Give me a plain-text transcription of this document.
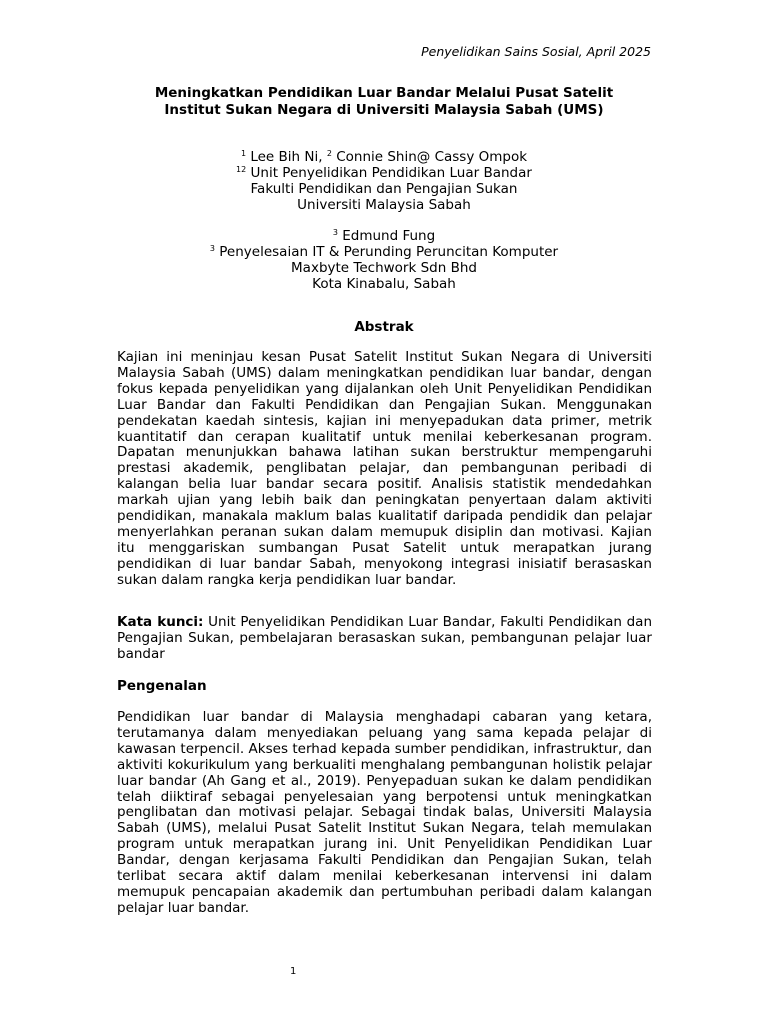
Penyelidikan Sains Sosial, April 2025
Meningkatkan Pendidikan Luar Bandar Melalui Pusat Satelit
Institut Sukan Negara di Universiti Malaysia Sabah (UMS)
$^1$ Lee Bih Ni, $^2$ Connie Shin@ Cassy Ompok
$^{12}$ Unit Penyelidikan Pendidikan Luar Bandar
Fakulti Pendidikan dan Pengajian Sukan
Universiti Malaysia Sabah
$^3$ Edmund Fung
$^3$ Penyelesaian IT & Perunding Peruncitan Komputer
Maxbyte Techwork Sdn Bhd
Kota Kinabalu, Sabah
Abstrak
Kajian ini meninjau kesan Pusat Satelit Institut Sukan Negara di Universiti Malaysia Sabah (UMS) dalam meningkatkan pendidikan luar bandar, dengan fokus kepada penyelidikan yang dijalankan oleh Unit Penyelidikan Pendidikan Luar Bandar dan Fakulti Pendidikan dan Pengajian Sukan. Menggunakan pendekatan kaedah sintesis, kajian ini menyepadukan data primer, metrik kuantitatif dan cerapan kualitatif untuk menilai keberkesanan program. Dapatan menunjukkan bahawa latihan sukan berstruktur mempengaruhi prestasi akademik, penglibatan pelajar, dan pembangunan peribadi di kalangan belia luar bandar secara positif. Analisis statistik mendedahkan markah ujian yang lebih baik dan peningkatan penyertaan dalam aktiviti pendidikan, manakala maklum balas kualitatif daripada pendidik dan pelajar menyerlahkan peranan sukan dalam memupuk disiplin dan motivasi. Kajian itu menggariskan sumbangan Pusat Satelit untuk merapatkan jurang pendidikan di luar bandar Sabah, menyokong integrasi inisiatif berasaskan sukan dalam rangka kerja pendidikan luar bandar.
Kata kunci: Unit Penyelidikan Pendidikan Luar Bandar, Fakulti Pendidikan dan Pengajian Sukan, pembelajaran berasaskan sukan, pembangunan pelajar luar bandar
Pengenalan
Pendidikan luar bandar di Malaysia menghadapi cabaran yang ketara, terutamanya dalam menyediakan peluang yang sama kepada pelajar di kawasan terpencil. Akses terhad kepada sumber pendidikan, infrastruktur, dan aktiviti kokurikulum yang berkualiti menghalang pembangunan holistik pelajar luar bandar (Ah Gang et al., 2019). Penyepaduan sukan ke dalam pendidikan telah diiktiraf sebagai penyelesaian yang berpotensi untuk meningkatkan penglibatan dan motivasi pelajar. Sebagai tindak balas, Universiti Malaysia Sabah (UMS), melalui Pusat Satelit Institut Sukan Negara, telah memulakan program untuk merapatkan jurang ini. Unit Penyelidikan Pendidikan Luar Bandar, dengan kerjasama Fakulti Pendidikan dan Pengajian Sukan, telah terlibat secara aktif dalam menilai keberkesanan intervensi ini dalam memupuk pencapaian akademik dan pertumbuhan peribadi dalam kalangan pelajar luar bandar.
1
